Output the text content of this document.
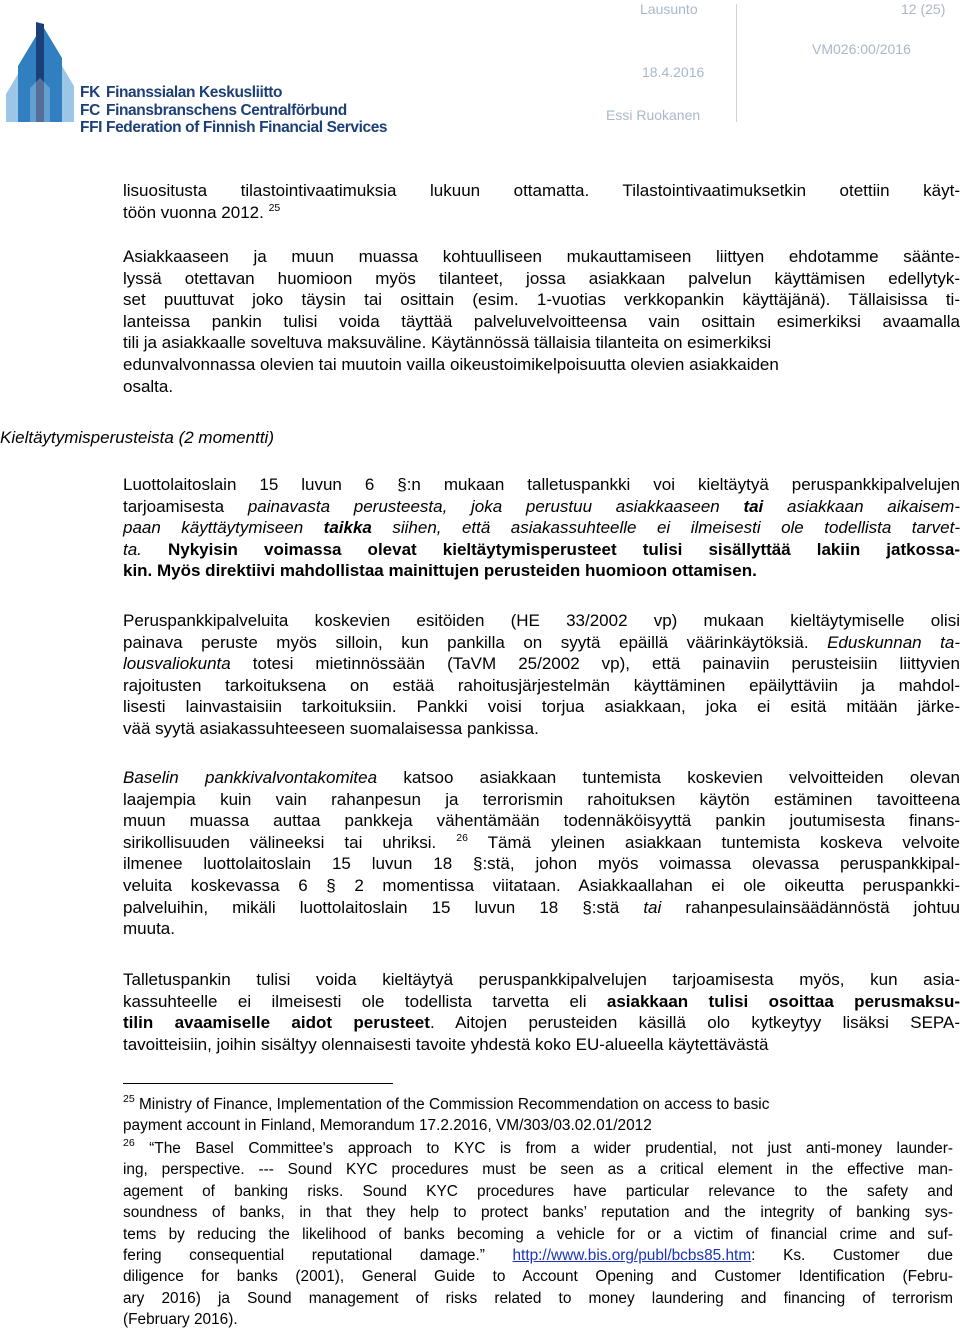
FK Finanssialan Keskusliitto
FC Finansbranschens Centralförbund
FFI Federation of Finnish Financial Services
Lausunto	12 (25)
18.4.2016
VM026:00/2016
Essi Ruokanen
lisuositusta tilastointivaatimuksia lukuun ottamatta. Tilastointivaatimuksetkin otettiin käyt-
töön vuonna 2012. $^{25}$
Asiakkaaseen ja muun muassa kohtuulliseen mukauttamiseen liittyen ehdotamme säänte-
lyssä otettavan huomioon myös tilanteet, jossa asiakkaan palvelun käyttämisen edellytyk-
set puuttuvat joko täysin tai osittain (esim. 1-vuotias verkkopankin käyttäjänä). Tällaisissa ti-
lanteissa pankin tulisi voida täyttää palveluvelvoitteensa vain osittain esimerkiksi avaamalla
tili ja asiakkaalle soveltuva maksuväline. Käytännössä tällaisia tilanteita on esimerkiksi
edunvalvonnassa olevien tai muutoin vailla oikeustoimikelpoisuutta olevien asiakkaiden
osalta.
Kieltäytymisperusteista (2 momentti)
Luottolaitoslain 15 luvun 6 §:n mukaan talletuspankki voi kieltäytyä peruspankkipalvelujen
tarjoamisesta painavasta perusteesta, joka perustuu asiakkaaseen tai asiakkaan aikaisem-
paan käyttäytymiseen taikka siihen, että asiakassuhteelle ei ilmeisesti ole todellista tarvet-
ta. Nykyisin voimassa olevat kieltäytymisperusteet tulisi sisällyttää lakiin jatkossa-
kin. Myös direktiivi mahdollistaa mainittujen perusteiden huomioon ottamisen.
Peruspankkipalveluita koskevien esitöiden (HE 33/2002 vp) mukaan kieltäytymiselle olisi
painava peruste myös silloin, kun pankilla on syytä epäillä väärinkäytöksiä. Eduskunnan ta-
lousvaliokunta totesi mietinnössään (TaVM 25/2002 vp), että painaviin perusteisiin liittyvien
rajoitusten tarkoituksena on estää rahoitusjärjestelmän käyttäminen epäilyttäviin ja mahdol-
lisesti lainvastaisiin tarkoituksiin. Pankki voisi torjua asiakkaan, joka ei esitä mitään järke-
vää syytä asiakassuhteeseen suomalaisessa pankissa.
Baselin pankkivalvontakomitea katsoo asiakkaan tuntemista koskevien velvoitteiden olevan
laajempia kuin vain rahanpesun ja terrorismin rahoituksen käytön estäminen tavoitteena
muun muassa auttaa pankkeja vähentämään todennäköisyyttä pankin joutumisesta finans-
sirikollisuuden välineeksi tai uhriksi. $^{26}$ Tämä yleinen asiakkaan tuntemista koskeva velvoite
ilmenee luottolaitoslain 15 luvun 18 §:stä, johon myös voimassa olevassa peruspankkipal-
veluita koskevassa 6 § 2 momentissa viitataan. Asiakkaallahan ei ole oikeutta peruspankki-
palveluihin, mikäli luottolaitoslain 15 luvun 18 §:stä tai rahanpesulainsäädännöstä johtuu
muuta.
Talletuspankin tulisi voida kieltäytyä peruspankkipalvelujen tarjoamisesta myös, kun asia-
kassuhteelle ei ilmeisesti ole todellista tarvetta eli asiakkaan tulisi osoittaa perusmaksu-
tilin avaamiselle aidot perusteet. Aitojen perusteiden käsillä olo kytkeytyy lisäksi SEPA-
tavoitteisiin, joihin sisältyy olennaisesti tavoite yhdestä koko EU-alueella käytettävästä
$^{25}$ Ministry of Finance, Implementation of the Commission Recommendation on access to basic
payment account in Finland, Memorandum 17.2.2016, VM/303/03.02.01/2012
$^{26}$ “The Basel Committee's approach to KYC is from a wider prudential, not just anti-money launder-
ing, perspective. --- Sound KYC procedures must be seen as a critical element in the effective man-
agement of banking risks. Sound KYC procedures have particular relevance to the safety and
soundness of banks, in that they help to protect banks’ reputation and the integrity of banking sys-
tems by reducing the likelihood of banks becoming a vehicle for or a victim of financial crime and suf-
fering consequential reputational damage.” http://www.bis.org/publ/bcbs85.htm: Ks. Customer due
diligence for banks (2001), General Guide to Account Opening and Customer Identification (Febru-
ary 2016) ja Sound management of risks related to money laundering and financing of terrorism
(February 2016).
